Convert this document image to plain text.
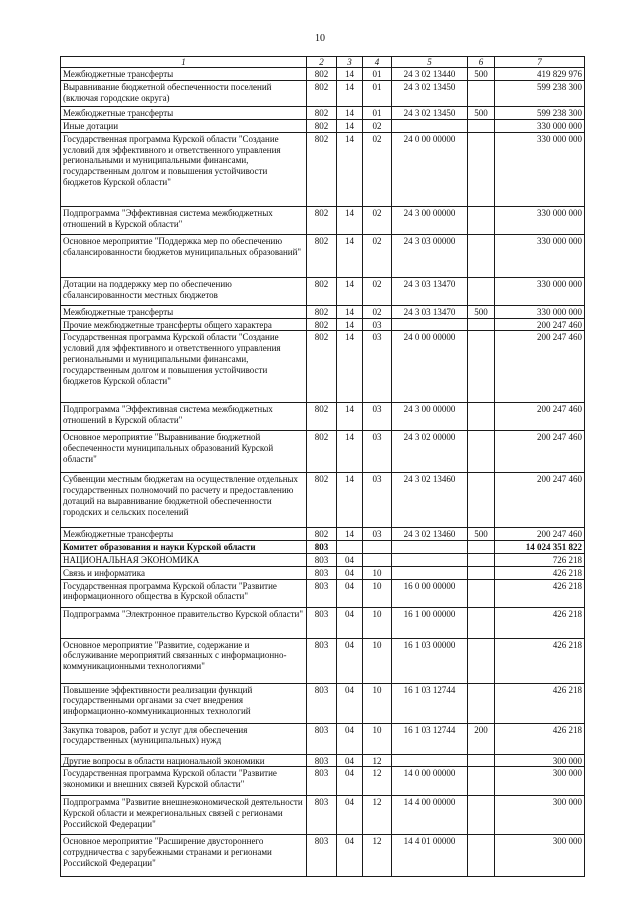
10
1	2	3	4	5	6	7
Межбюджетные трансферты	802	14	01	24 3 02 13440	500	419 829 976
Выравнивание бюджетной обеспеченности поселений (включая городские округа)	802	14	01	24 3 02 13450		599 238 300
Межбюджетные трансферты	802	14	01	24 3 02 13450	500	599 238 300
Иные дотации	802	14	02			330 000 000
Государственная программа Курской области "Создание условий для эффективного и ответственного управления региональными и муниципальными финансами, государственным долгом и повышения устойчивости бюджетов Курской области"	802	14	02	24 0 00 00000		330 000 000
Подпрограмма "Эффективная система межбюджетных отношений в Курской области"	802	14	02	24 3 00 00000		330 000 000
Основное мероприятие "Поддержка мер по обеспечению сбалансированности бюджетов муниципальных образований"	802	14	02	24 3 03 00000		330 000 000
Дотации на поддержку мер по обеспечению сбалансированности местных бюджетов	802	14	02	24 3 03 13470		330 000 000
Межбюджетные трансферты	802	14	02	24 3 03 13470	500	330 000 000
Прочие межбюджетные трансферты общего характера	802	14	03			200 247 460
Государственная программа Курской области "Создание условий для эффективного и ответственного управления региональными и муниципальными финансами, государственным долгом и повышения устойчивости бюджетов Курской области"	802	14	03	24 0 00 00000		200 247 460
Подпрограмма "Эффективная система межбюджетных отношений в Курской области"	802	14	03	24 3 00 00000		200 247 460
Основное мероприятие "Выравнивание бюджетной обеспеченности муниципальных образований Курской области"	802	14	03	24 3 02 00000		200 247 460
Субвенции местным бюджетам на осуществление отдельных государственных полномочий по расчету и предоставлению дотаций на выравнивание бюджетной обеспеченности городских и сельских поселений	802	14	03	24 3 02 13460		200 247 460
Межбюджетные трансферты	802	14	03	24 3 02 13460	500	200 247 460
Комитет образования и науки Курской области	803					14 024 351 822
НАЦИОНАЛЬНАЯ ЭКОНОМИКА	803	04				726 218
Связь и информатика	803	04	10			426 218
Государственная программа Курской области "Развитие информационного общества в Курской области"	803	04	10	16 0 00 00000		426 218
Подпрограмма "Электронное правительство Курской области"	803	04	10	16 1 00 00000		426 218
Основное мероприятие "Развитие, содержание и обслуживание мероприятий связанных с информационно-коммуникационными технологиями"	803	04	10	16 1 03 00000		426 218
Повышение эффективности реализации функций государственными органами за счет внедрения информационно-коммуникационных технологий	803	04	10	16 1 03 12744		426 218
Закупка товаров, работ и услуг для обеспечения государственных (муниципальных) нужд	803	04	10	16 1 03 12744	200	426 218
Другие вопросы в области национальной экономики	803	04	12			300 000
Государственная программа Курской области "Развитие экономики и внешних связей Курской области"	803	04	12	14 0 00 00000		300 000
Подпрограмма "Развитие внешнеэкономической деятельности Курской области и межрегиональных связей с регионами Российской Федерации"	803	04	12	14 4 00 00000		300 000
Основное мероприятие "Расширение двустороннего сотрудничества с зарубежными странами и регионами Российской Федерации"	803	04	12	14 4 01 00000		300 000
